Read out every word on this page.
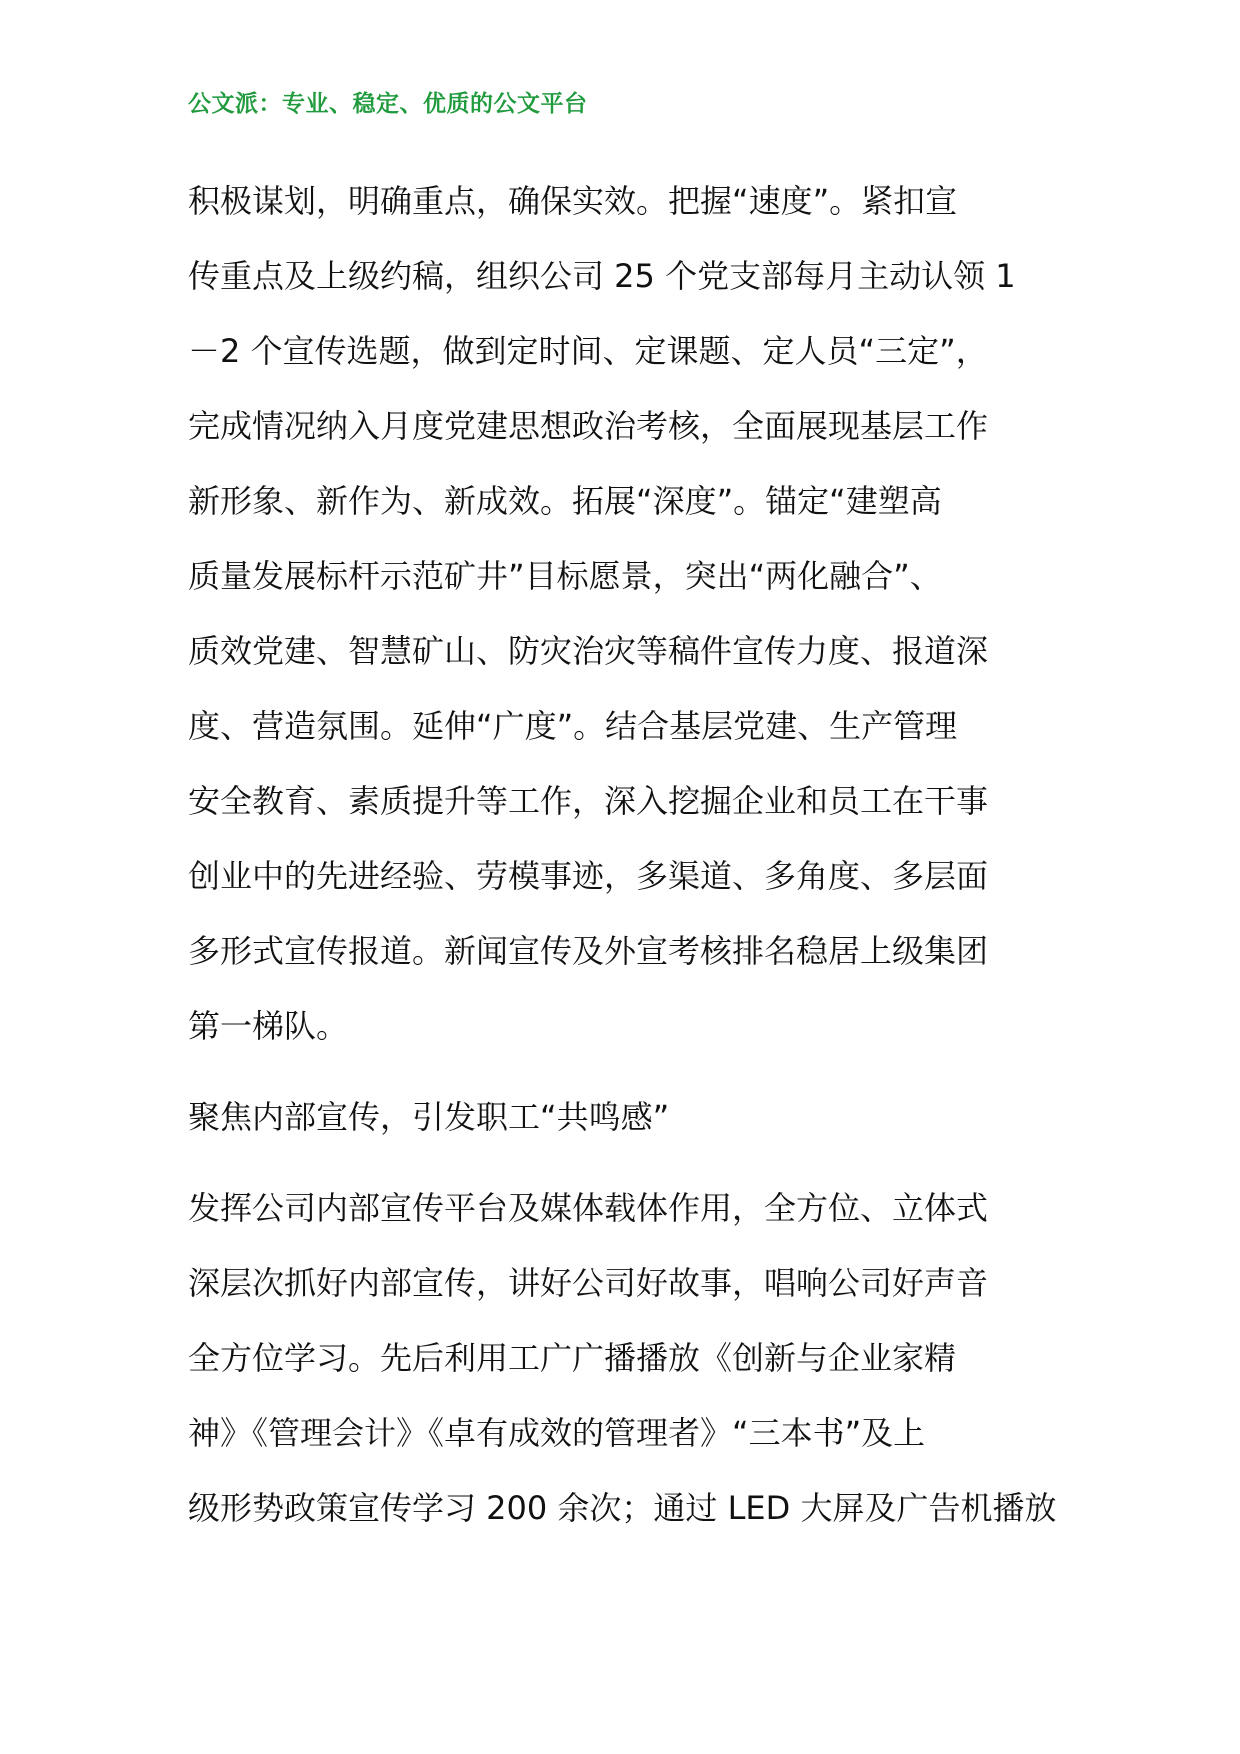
公文派：专业、稳定、优质的公文平台
积极谋划，明确重点，确保实效。把握“速度”。紧扣宣
传重点及上级约稿，组织公司 25 个党支部每月主动认领 1
－2 个宣传选题，做到定时间、定课题、定人员“三定”，
完成情况纳入月度党建思想政治考核，全面展现基层工作
新形象、新作为、新成效。拓展“深度”。锚定“建塑高
质量发展标杆示范矿井”目标愿景，突出“两化融合”、
质效党建、智慧矿山、防灾治灾等稿件宣传力度、报道深
度、营造氛围。延伸“广度”。结合基层党建、生产管理
安全教育、素质提升等工作，深入挖掘企业和员工在干事
创业中的先进经验、劳模事迹，多渠道、多角度、多层面
多形式宣传报道。新闻宣传及外宣考核排名稳居上级集团
第一梯队。
聚焦内部宣传，引发职工“共鸣感”
发挥公司内部宣传平台及媒体载体作用，全方位、立体式
深层次抓好内部宣传，讲好公司好故事，唱响公司好声音
全方位学习。先后利用工广广播播放《创新与企业家精
神》《管理会计》《卓有成效的管理者》“三本书”及上
级形势政策宣传学习 200 余次；通过 LED 大屏及广告机播放
